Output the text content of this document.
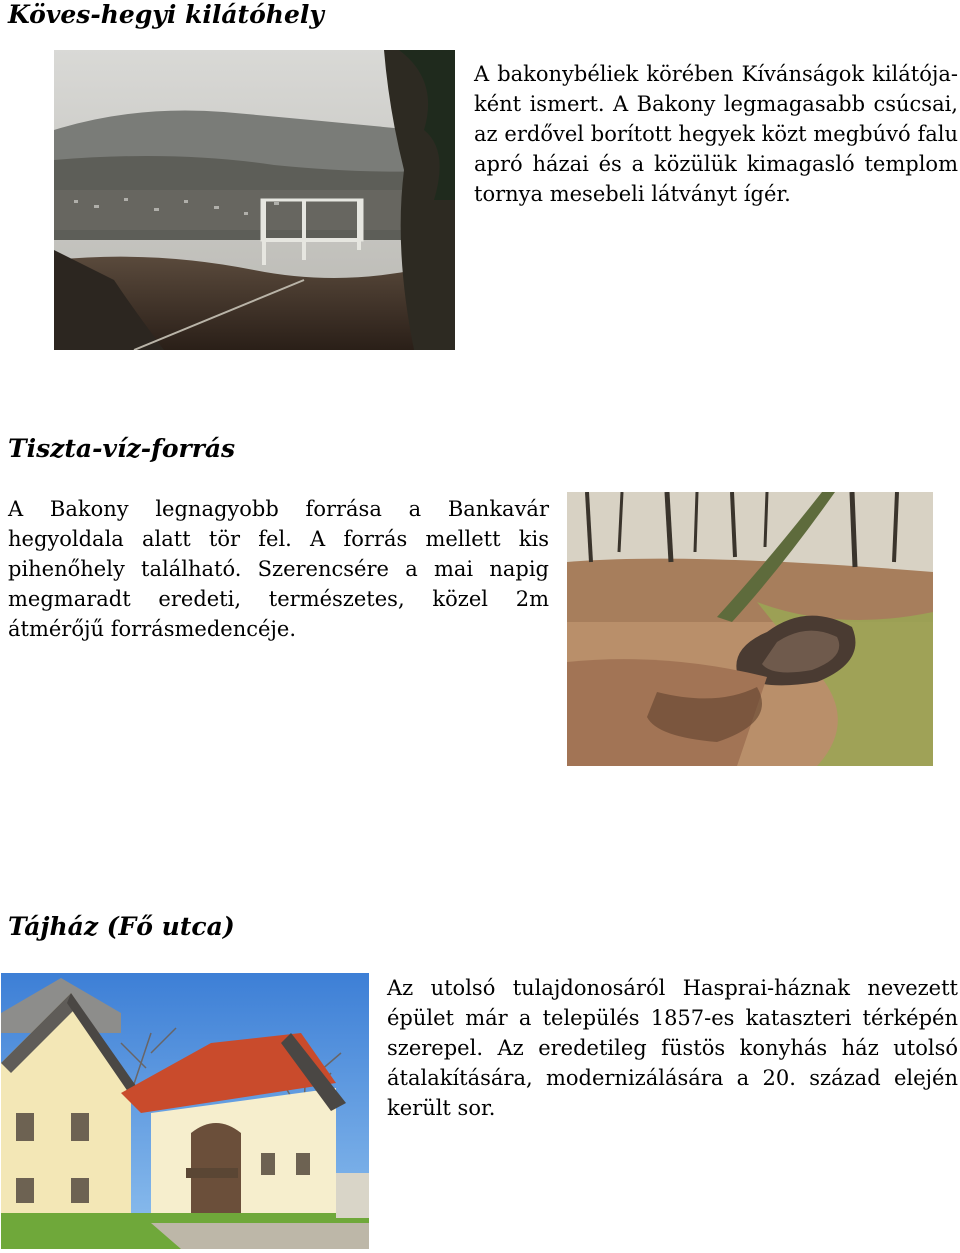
Köves-hegyi kilátóhely

A bakonybéliek körében Kívánságok kilátója-ként ismert. A Bakony legmagasabb csúcsai, az erdővel borított hegyek közt megbúvó falu apró házai és a közülük kimagasló templom tornya mesebeli látványt ígér.

Tiszta-víz-forrás

A Bakony legnagyobb forrása a Bankavár hegyoldala alatt tör fel. A forrás mellett kis pihenőhely található. Szerencsére a mai napig megmaradt eredeti, természetes, közel 2m átmérőjű forrásmedencéje.

Tájház (Fő utca)

Az utolsó tulajdonosáról Hasprai-háznak nevezett épület már a település 1857-es kataszteri térképén szerepel. Az eredetileg füstös konyhás ház utolsó átalakítására, modernizálására a 20. század elején került sor.
